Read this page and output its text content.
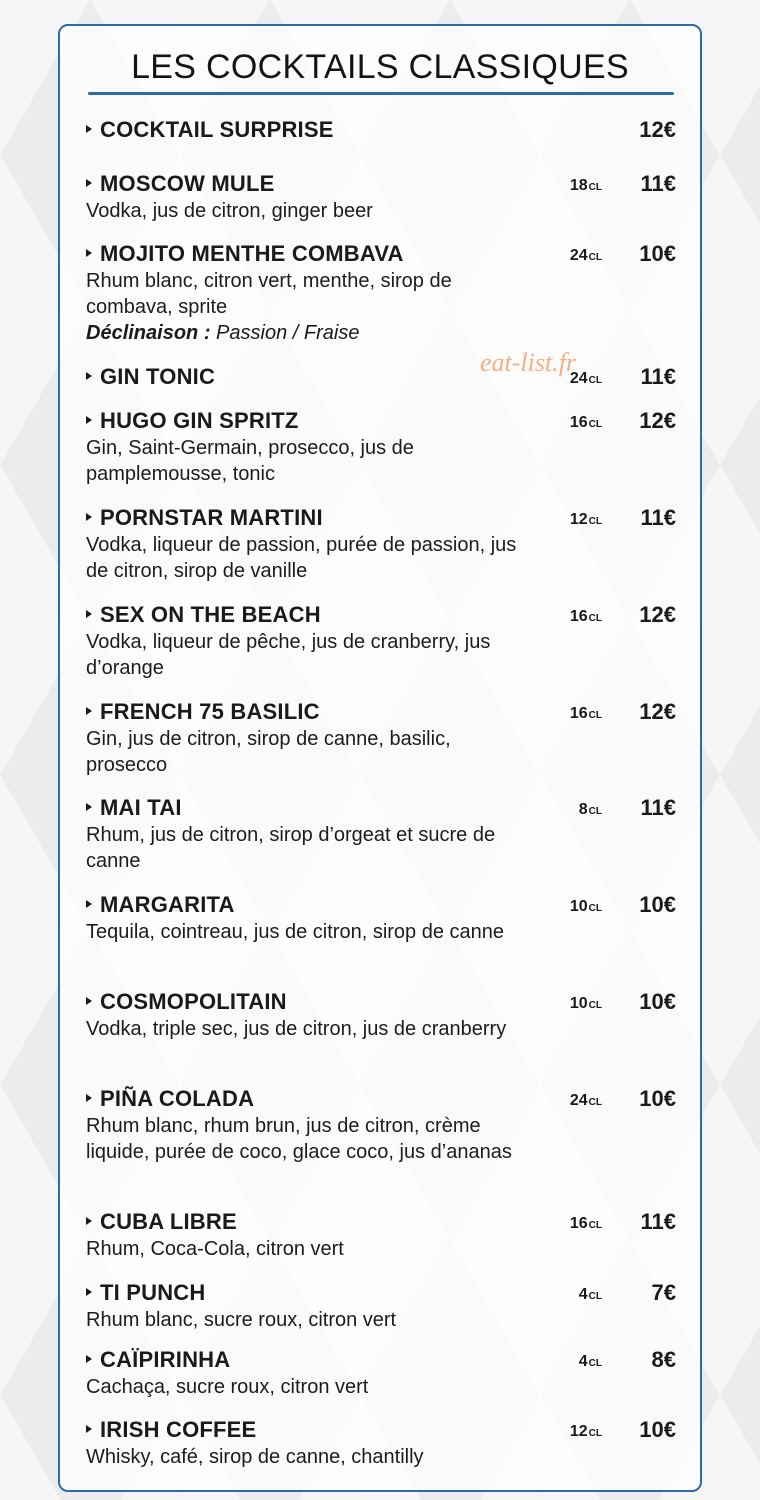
LES COCKTAILS CLASSIQUES
COCKTAIL SURPRISE	12€
MOSCOW MULE	18CL 11€
Vodka, jus de citron, ginger beer
MOJITO MENTHE COMBAVA	24CL 10€
Rhum blanc, citron vert, menthe, sirop de combava, sprite
Déclinaison : Passion / Fraise
GIN TONIC	24CL 11€
HUGO GIN SPRITZ	16CL 12€
Gin, Saint-Germain, prosecco, jus de pamplemousse, tonic
PORNSTAR MARTINI	12CL 11€
Vodka, liqueur de passion, purée de passion, jus de citron, sirop de vanille
SEX ON THE BEACH	16CL 12€
Vodka, liqueur de pêche, jus de cranberry, jus d’orange
FRENCH 75 BASILIC	16CL 12€
Gin, jus de citron, sirop de canne, basilic, prosecco
MAI TAI	8CL 11€
Rhum, jus de citron, sirop d’orgeat et sucre de canne
MARGARITA	10CL 10€
Tequila, cointreau, jus de citron, sirop de canne
COSMOPOLITAIN	10CL 10€
Vodka, triple sec, jus de citron, jus de cranberry
PIÑA COLADA	24CL 10€
Rhum blanc, rhum brun, jus de citron, crème liquide, purée de coco, glace coco, jus d’ananas
CUBA LIBRE	16CL 11€
Rhum, Coca-Cola, citron vert
TI PUNCH	4CL 7€
Rhum blanc, sucre roux, citron vert
CAÏPIRINHA	4CL 8€
Cachaça, sucre roux, citron vert
IRISH COFFEE	12CL 10€
Whisky, café, sirop de canne, chantilly
eat-list.fr
